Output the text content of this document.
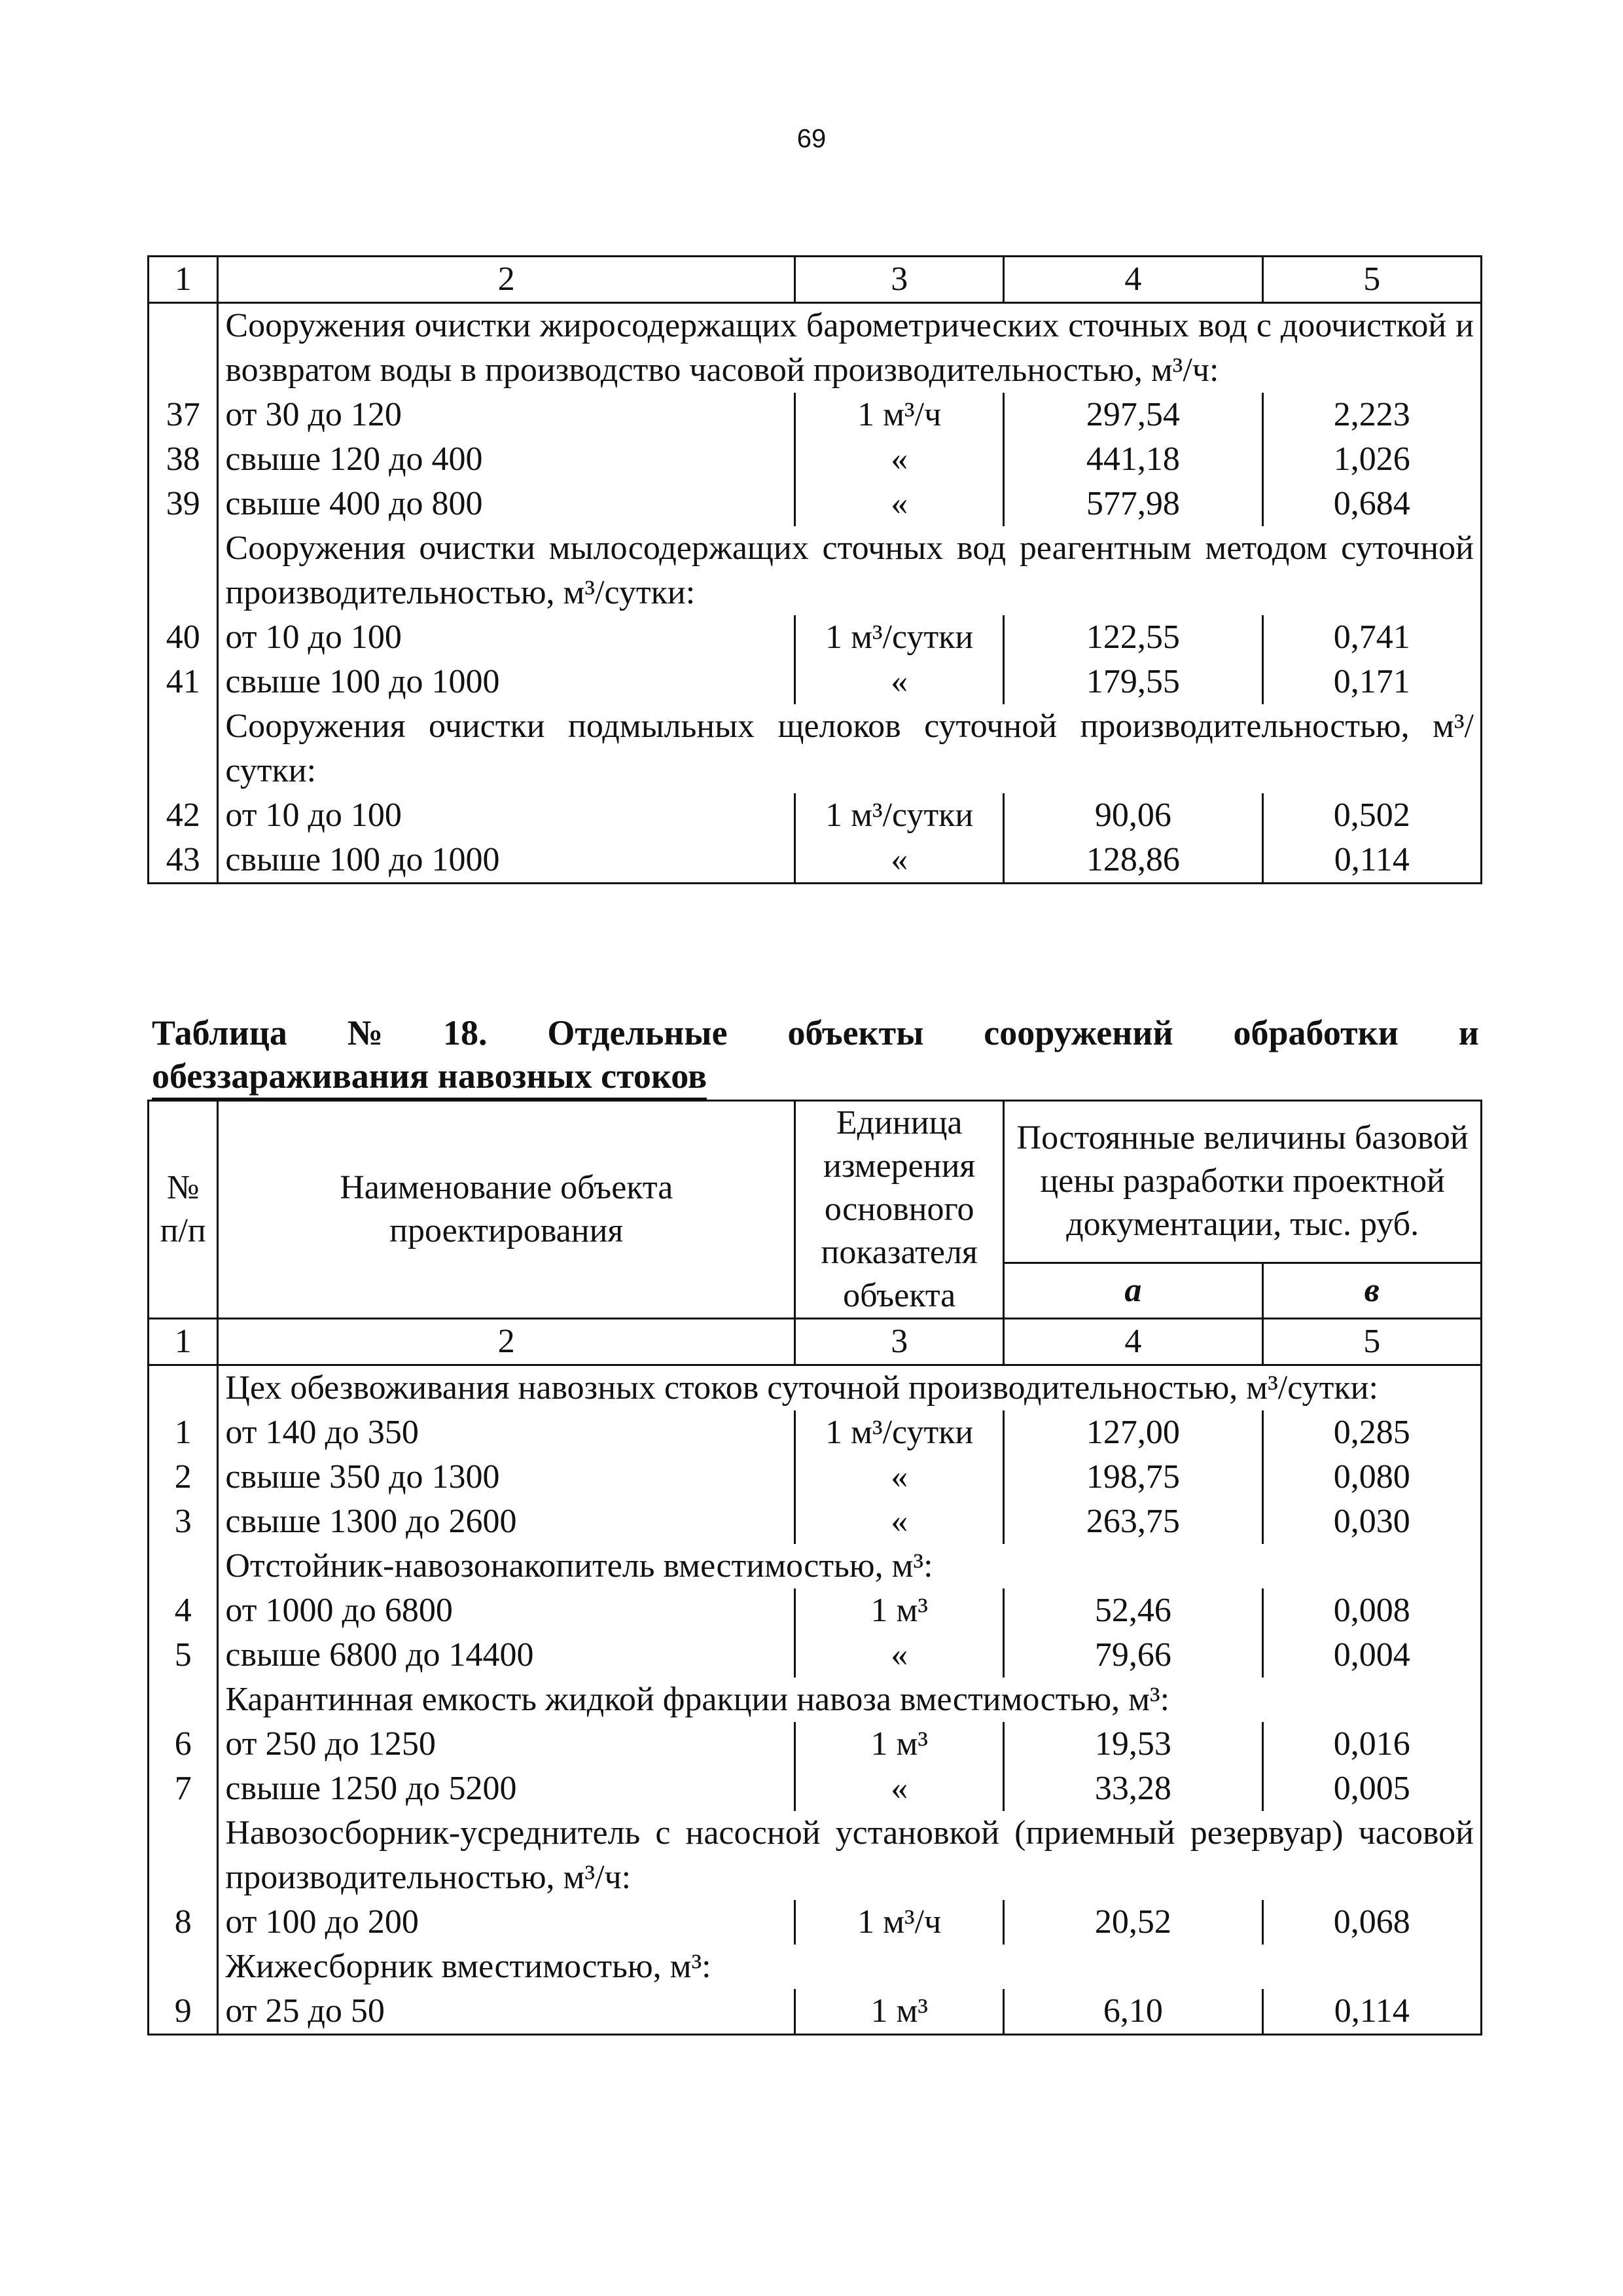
69
1	2	3	4	5
	Сооружения очистки жиросодержащих барометрических сточных вод с доочисткой и возвратом воды в производство часовой производительностью, м³/ч:			
37	от 30 до 120	1 м³/ч	297,54	2,223
38	свыше 120 до 400	«	441,18	1,026
39	свыше 400 до 800	«	577,98	0,684
	Сооружения очистки мылосодержащих сточных вод реагентным методом суточной производительностью, м³/сутки:			
40	от 10 до 100	1 м³/сутки	122,55	0,741
41	свыше 100 до 1000	«	179,55	0,171
	Сооружения очистки подмыльных щелоков суточной производительностью, м³/сутки:			
42	от 10 до 100	1 м³/сутки	90,06	0,502
43	свыше 100 до 1000	«	128,86	0,114
Таблица № 18. Отдельные объекты сооружений обработки и
обеззараживания навозных стоков
№ п/п	Наименование объекта проектирования	Единица измерения основного показателя объекта	Постоянные величины базовой цены разработки проектной документации, тыс. руб.	
			а	в
1	2	3	4	5
	Цех обезвоживания навозных стоков суточной производительностью, м³/сутки:			
1	от 140 до 350	1 м³/сутки	127,00	0,285
2	свыше 350 до 1300	«	198,75	0,080
3	свыше 1300 до 2600	«	263,75	0,030
	Отстойник-навозонакопитель вместимостью, м³:			
4	от 1000 до 6800	1 м³	52,46	0,008
5	свыше 6800 до 14400	«	79,66	0,004
	Карантинная емкость жидкой фракции навоза вместимостью, м³:			
6	от 250 до 1250	1 м³	19,53	0,016
7	свыше 1250 до 5200	«	33,28	0,005
	Навозосборник-усреднитель с насосной установкой (приемный резервуар) часовой производительностью, м³/ч:			
8	от 100 до 200	1 м³/ч	20,52	0,068
	Жижесборник вместимостью, м³:			
9	от 25 до 50	1 м³	6,10	0,114
